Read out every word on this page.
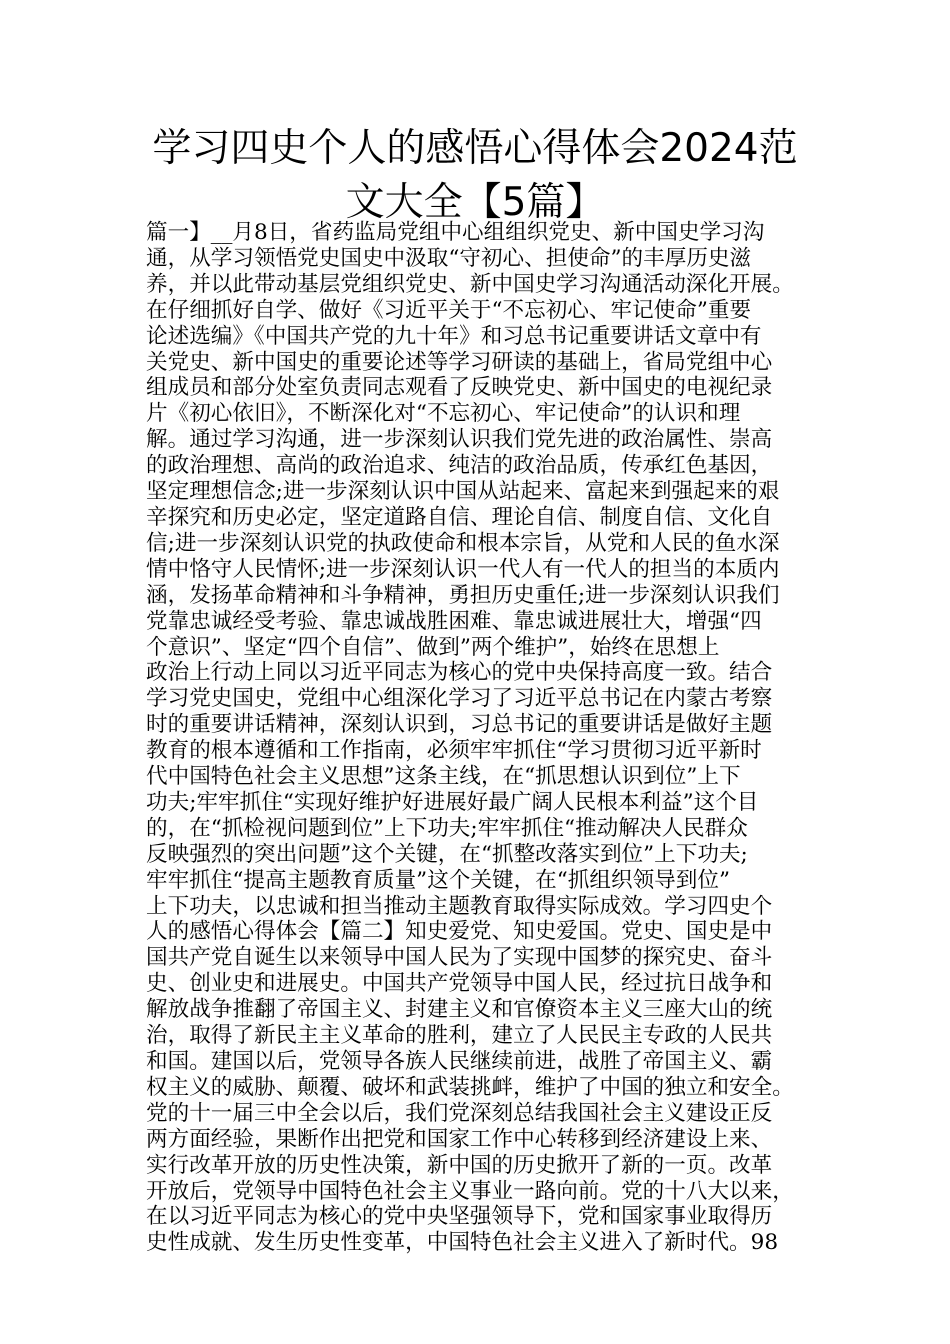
学习四史个人的感悟心得体会2024范
文大全【5篇】
篇一】__月8日，省药监局党组中心组组织党史、新中国史学习沟
通，从学习领悟党史国史中汲取“守初心、担使命”的丰厚历史滋
养，并以此带动基层党组织党史、新中国史学习沟通活动深化开展。
在仔细抓好自学、做好《习近平关于“不忘初心、牢记使命”重要
论述选编》《中国共产党的九十年》和习总书记重要讲话文章中有
关党史、新中国史的重要论述等学习研读的基础上，省局党组中心
组成员和部分处室负责同志观看了反映党史、新中国史的电视纪录
片《初心依旧》，不断深化对“不忘初心、牢记使命”的认识和理
解。通过学习沟通，进一步深刻认识我们党先进的政治属性、崇高
的政治理想、高尚的政治追求、纯洁的政治品质，传承红色基因，
坚定理想信念;进一步深刻认识中国从站起来、富起来到强起来的艰
辛探究和历史必定，坚定道路自信、理论自信、制度自信、文化自
信;进一步深刻认识党的执政使命和根本宗旨，从党和人民的鱼水深
情中恪守人民情怀;进一步深刻认识一代人有一代人的担当的本质内
涵，发扬革命精神和斗争精神，勇担历史重任;进一步深刻认识我们
党靠忠诚经受考验、靠忠诚战胜困难、靠忠诚进展壮大，增强“四
个意识”、坚定“四个自信”、做到”两个维护”，始终在思想上
政治上行动上同以习近平同志为核心的党中央保持高度一致。结合
学习党史国史，党组中心组深化学习了习近平总书记在内蒙古考察
时的重要讲话精神，深刻认识到，习总书记的重要讲话是做好主题
教育的根本遵循和工作指南，必须牢牢抓住“学习贯彻习近平新时
代中国特色社会主义思想”这条主线，在“抓思想认识到位”上下
功夫;牢牢抓住“实现好维护好进展好最广阔人民根本利益”这个目
的，在“抓检视问题到位”上下功夫;牢牢抓住“推动解决人民群众
反映强烈的突出问题”这个关键，在“抓整改落实到位”上下功夫;
牢牢抓住“提高主题教育质量”这个关键，在“抓组织领导到位”
上下功夫，以忠诚和担当推动主题教育取得实际成效。学习四史个
人的感悟心得体会【篇二】知史爱党、知史爱国。党史、国史是中
国共产党自诞生以来领导中国人民为了实现中国梦的探究史、奋斗
史、创业史和进展史。中国共产党领导中国人民，经过抗日战争和
解放战争推翻了帝国主义、封建主义和官僚资本主义三座大山的统
治，取得了新民主主义革命的胜利，建立了人民民主专政的人民共
和国。建国以后，党领导各族人民继续前进，战胜了帝国主义、霸
权主义的威胁、颠覆、破坏和武装挑衅，维护了中国的独立和安全。
党的十一届三中全会以后，我们党深刻总结我国社会主义建设正反
两方面经验，果断作出把党和国家工作中心转移到经济建设上来、
实行改革开放的历史性决策，新中国的历史掀开了新的一页。改革
开放后，党领导中国特色社会主义事业一路向前。党的十八大以来，
在以习近平同志为核心的党中央坚强领导下，党和国家事业取得历
史性成就、发生历史性变革，中国特色社会主义进入了新时代。98
